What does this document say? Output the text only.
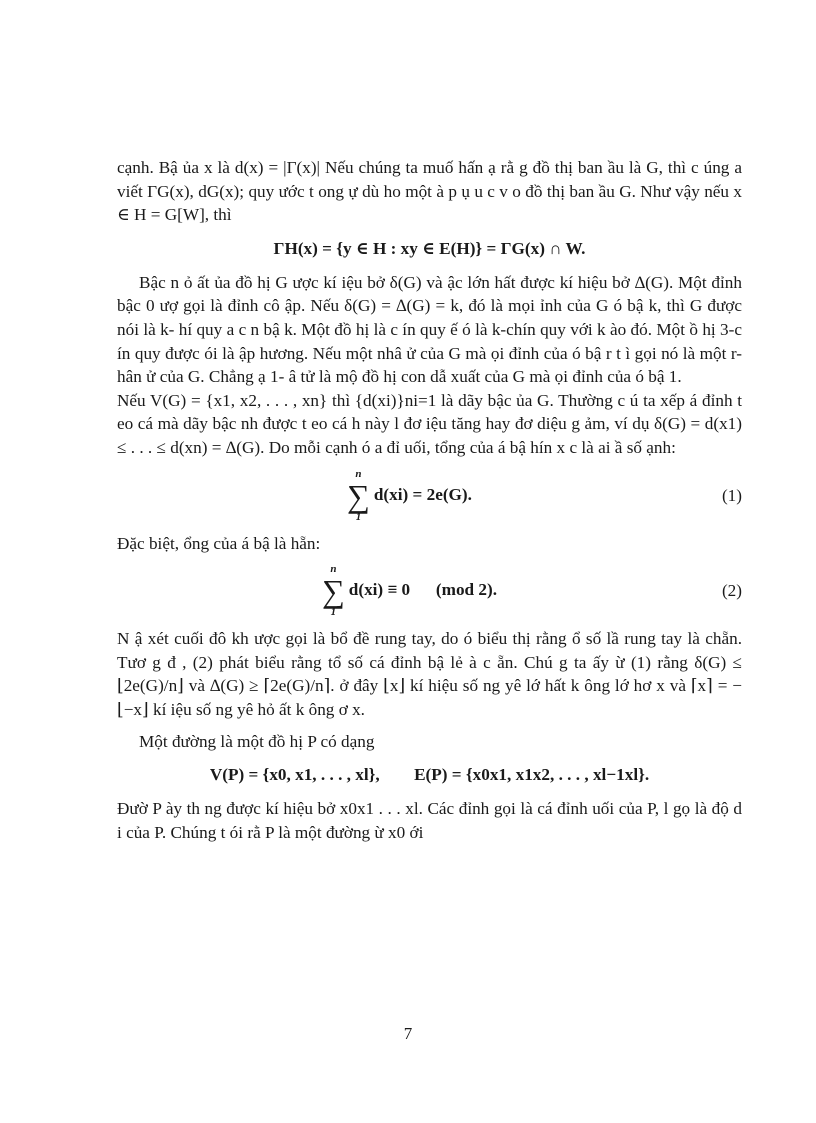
cạnh. Bậ ủa x là d(x) = |Γ(x)| Nếu chúng ta muố hấn ạ rằ g đồ thị ban ầu là G, thì c úng a viết ΓG(x), dG(x); quy ước t ong ự dù ho một à p ụ u c v o đồ thị ban ầu G. Như vậy nếu x ∈ H = G[W], thì

ΓH(x) = {y ∈ H : xy ∈ E(H)} = ΓG(x) ∩ W.

Bậc n ỏ ất ủa đồ hị G ược kí iệu bở δ(G) và ậc lớn hất được kí hiệu bở ∆(G). Một đỉnh bậc 0 ượ gọi là đỉnh cô ập. Nếu δ(G) = ∆(G) = k, đó là mọi ỉnh của G ó bậ k, thì G được nói là k- hí quy a c n bậ k. Một đồ hị là c ín quy ế ó là k-chín quy với k ào đó. Một ồ hị 3-c ín quy được ói là ập hương. Nếu một nhâ ử của G mà ọi đỉnh của ó bậ r t ì gọi nó là một r- hân ử của G. Chẳng ạ 1- â tử là mộ đồ hị con dẫ xuất của G mà ọi đỉnh của ó bậ 1.

Nếu V(G) = {x1, x2, . . . , xn} thì {d(xi)}ni=1 là dãy bậc ủa G. Thường c ú ta xếp á đỉnh t eo cá mà dãy bậc nh được t eo cá h này l đơ iệu tăng hay đơ diệu g ảm, ví dụ δ(G) = d(x1) ≤ . . . ≤ d(xn) = ∆(G). Do mỗi cạnh ó a đỉ uối, tổng của á bậ hín x c là ai ầ số ạnh:

n
∑
1
d(xi) = 2e(G).	(1)

Đặc biệt, ổng của á bậ là hẵn:

n
∑
1
d(xi) ≡ 0      (mod 2).	(2)

N ậ xét cuối đô kh ược gọi là bổ đề rung tay, do ó biểu thị rằng ổ số lầ rung tay là chẵn. Tươ g đ , (2) phát biểu rằng tổ số cá đỉnh bậ lẻ à c ẵn. Chú g ta ấy ừ (1) rằng δ(G) ≤ ⌊2e(G)/n⌋ và ∆(G) ≥ ⌈2e(G)/n⌉. ở đây ⌊x⌋ kí hiệu số ng yê lớ hất k ông lớ hơ x và ⌈x⌉ = −⌊−x⌋ kí iệu số ng yê hỏ ất k ông ơ x.

Một đường là một đồ hị P có dạng

V(P) = {x0, x1, . . . , xl},        E(P) = {x0x1, x1x2, . . . , xl−1xl}.

Đườ P ày th ng được kí hiệu bở x0x1 . . . xl. Các đỉnh gọi là cá đỉnh uối của P, l gọ là độ d i của P. Chúng t ói rằ P là một đường ừ x0 ới

7
